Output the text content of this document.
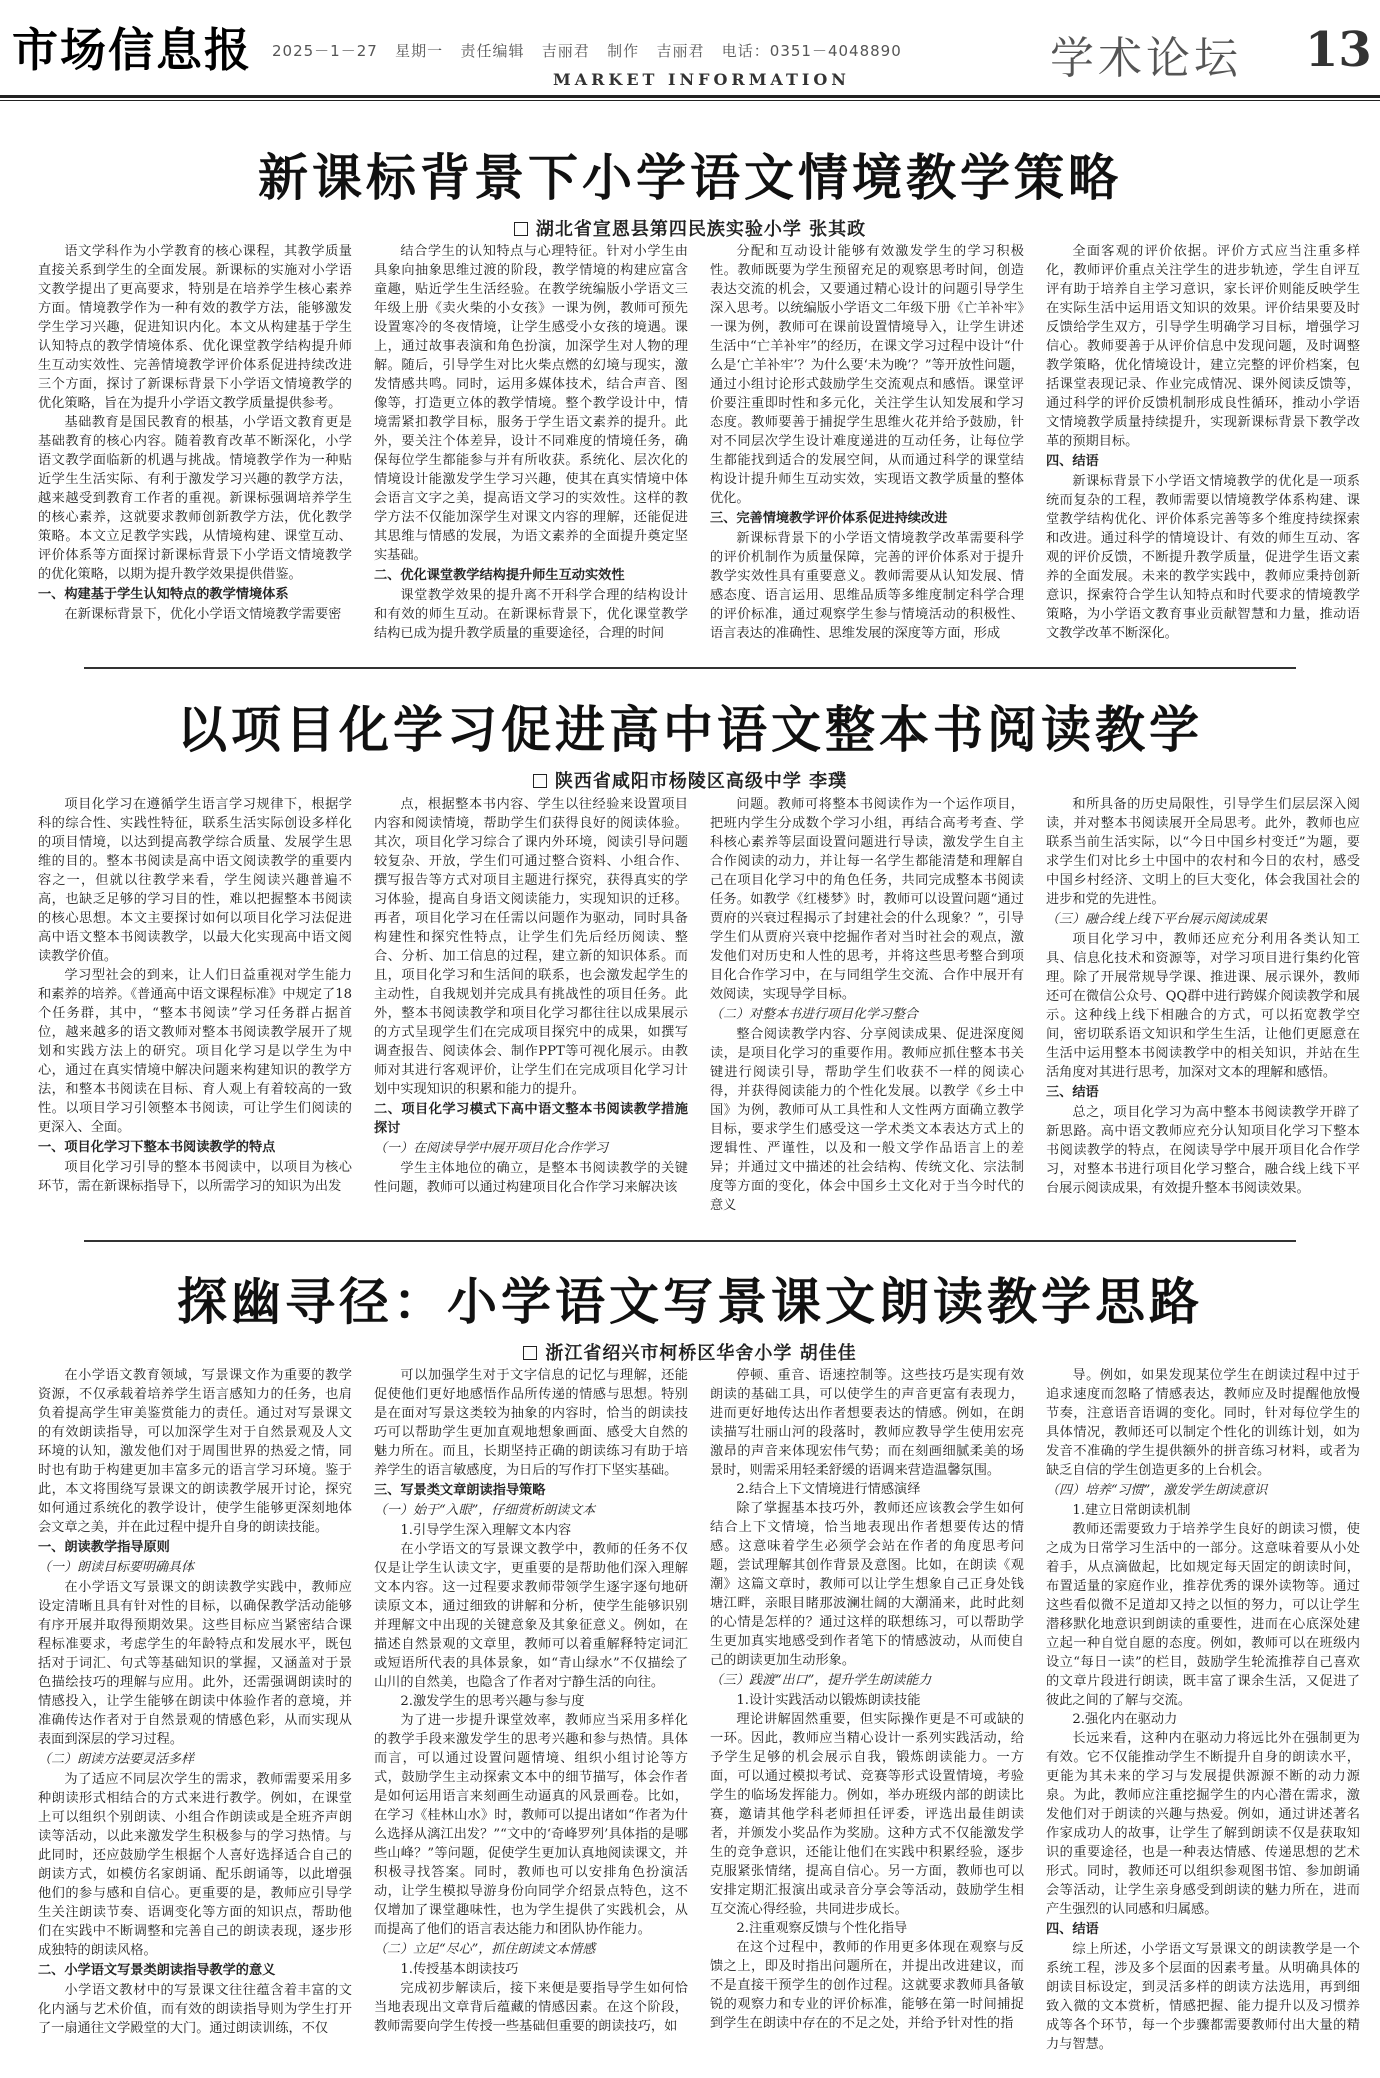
市场信息报 2025－1－27 星期一 责任编辑 吉丽君 制作 吉丽君 电话：0351－4048890
MARKET INFORMATION	学术论坛 13
新课标背景下小学语文情境教学策略
湖北省宣恩县第四民族实验小学 张其政

语文学科作为小学教育的核心课程，其教学质量直接关系到学生的全面发展。新课标的实施对小学语文教学提出了更高要求，特别是在培养学生核心素养方面。情境教学作为一种有效的教学方法，能够激发学生学习兴趣，促进知识内化。本文从构建基于学生认知特点的教学情境体系、优化课堂教学结构提升师生互动实效性、完善情境教学评价体系促进持续改进三个方面，探讨了新课标背景下小学语文情境教学的优化策略，旨在为提升小学语文教学质量提供参考。

基础教育是国民教育的根基，小学语文教育更是基础教育的核心内容。随着教育改革不断深化，小学语文教学面临新的机遇与挑战。情境教学作为一种贴近学生生活实际、有利于激发学习兴趣的教学方法，越来越受到教育工作者的重视。新课标强调培养学生的核心素养，这就要求教师创新教学方法，优化教学策略。本文立足教学实践，从情境构建、课堂互动、评价体系等方面探讨新课标背景下小学语文情境教学的优化策略，以期为提升教学效果提供借鉴。

一、构建基于学生认知特点的教学情境体系

在新课标背景下，优化小学语文情境教学需要密

结合学生的认知特点与心理特征。针对小学生由具象向抽象思维过渡的阶段，教学情境的构建应富含童趣，贴近学生生活经验。在教学统编版小学语文三年级上册《卖火柴的小女孩》一课为例，教师可预先设置寒冷的冬夜情境，让学生感受小女孩的境遇。课上，通过故事表演和角色扮演，加深学生对人物的理解。随后，引导学生对比火柴点燃的幻境与现实，激发情感共鸣。同时，运用多媒体技术，结合声音、图像等，打造更立体的教学情境。整个教学设计中，情境需紧扣教学目标，服务于学生语文素养的提升。此外，要关注个体差异，设计不同难度的情境任务，确保每位学生都能参与并有所收获。系统化、层次化的情境设计能激发学生学习兴趣，使其在真实情境中体会语言文字之美，提高语文学习的实效性。这样的教学方法不仅能加深学生对课文内容的理解，还能促进其思维与情感的发展，为语文素养的全面提升奠定坚实基础。

二、优化课堂教学结构提升师生互动实效性

课堂教学效果的提升离不开科学合理的结构设计和有效的师生互动。在新课标背景下，优化课堂教学结构已成为提升教学质量的重要途径，合理的时间

分配和互动设计能够有效激发学生的学习积极性。教师既要为学生预留充足的观察思考时间，创造表达交流的机会，又要通过精心设计的问题引导学生深入思考。以统编版小学语文二年级下册《亡羊补牢》一课为例，教师可在课前设置情境导入，让学生讲述生活中“亡羊补牢”的经历，在课文学习过程中设计“什么是‘亡羊补牢’？为什么要‘未为晚’？”等开放性问题，通过小组讨论形式鼓励学生交流观点和感悟。课堂评价要注重即时性和多元化，关注学生认知发展和学习态度。教师要善于捕捉学生思维火花并给予鼓励，针对不同层次学生设计难度递进的互动任务，让每位学生都能找到适合的发展空间，从而通过科学的课堂结构设计提升师生互动实效，实现语文教学质量的整体优化。

三、完善情境教学评价体系促进持续改进

新课标背景下的小学语文情境教学改革需要科学的评价机制作为质量保障，完善的评价体系对于提升教学实效性具有重要意义。教师需要从认知发展、情感态度、语言运用、思维品质等多维度制定科学合理的评价标准，通过观察学生参与情境活动的积极性、语言表达的准确性、思维发展的深度等方面，形成

全面客观的评价依据。评价方式应当注重多样化，教师评价重点关注学生的进步轨迹，学生自评互评有助于培养自主学习意识，家长评价则能反映学生在实际生活中运用语文知识的效果。评价结果要及时反馈给学生双方，引导学生明确学习目标，增强学习信心。教师要善于从评价信息中发现问题，及时调整教学策略，优化情境设计，建立完整的评价档案，包括课堂表现记录、作业完成情况、课外阅读反馈等，通过科学的评价反馈机制形成良性循环，推动小学语文情境教学质量持续提升，实现新课标背景下教学改革的预期目标。

四、结语

新课标背景下小学语文情境教学的优化是一项系统而复杂的工程，教师需要以情境教学体系构建、课堂教学结构优化、评价体系完善等多个维度持续探索和改进。通过科学的情境设计、有效的师生互动、客观的评价反馈，不断提升教学质量，促进学生语文素养的全面发展。未来的教学实践中，教师应秉持创新意识，探索符合学生认知特点和时代要求的情境教学策略，为小学语文教育事业贡献智慧和力量，推动语文教学改革不断深化。

以项目化学习促进高中语文整本书阅读教学
陕西省咸阳市杨陵区高级中学 李璞

项目化学习在遵循学生语言学习规律下，根据学科的综合性、实践性特征，联系生活实际创设多样化的项目情境，以达到提高教学综合质量、发展学生思维的目的。整本书阅读是高中语文阅读教学的重要内容之一，但就以往教学来看，学生阅读兴趣普遍不高，也缺乏足够的学习目的性，难以把握整本书阅读的核心思想。本文主要探讨如何以项目化学习法促进高中语文整本书阅读教学，以最大化实现高中语文阅读教学价值。

学习型社会的到来，让人们日益重视对学生能力和素养的培养。《普通高中语文课程标准》中规定了18个任务群，其中，“整本书阅读”学习任务群占据首位，越来越多的语文教师对整本书阅读教学展开了规划和实践方法上的研究。项目化学习是以学生为中心，通过在真实情境中解决问题来构建知识的教学方法，和整本书阅读在目标、育人观上有着较高的一致性。以项目学习引领整本书阅读，可让学生们阅读的更深入、全面。

一、项目化学习下整本书阅读教学的特点

项目化学习引导的整本书阅读中，以项目为核心环节，需在新课标指导下，以所需学习的知识为出发

点，根据整本书内容、学生以往经验来设置项目内容和阅读情境，帮助学生们获得良好的阅读体验。其次，项目化学习综合了课内外环境，阅读引导问题较复杂、开放，学生们可通过整合资料、小组合作、撰写报告等方式对项目主题进行探究，获得真实的学习体验，提高自身语文阅读能力，实现知识的迁移。再者，项目化学习在任需以问题作为驱动，同时具备构建性和探究性特点，让学生们先后经历阅读、整合、分析、加工信息的过程，建立新的知识体系。而且，项目化学习和生活间的联系，也会激发起学生的主动性，自我规划并完成具有挑战性的项目任务。此外，整本书阅读教学和项目化学习都往往以成果展示的方式呈现学生们在完成项目探究中的成果，如撰写调查报告、阅读体会、制作PPT等可视化展示。由教师对其进行客观评价，让学生们在完成项目化学习计划中实现知识的积累和能力的提升。

二、项目化学习模式下高中语文整本书阅读教学措施探讨
（一）在阅读导学中展开项目化合作学习

学生主体地位的确立，是整本书阅读教学的关键性问题，教师可以通过构建项目化合作学习来解决该

问题。教师可将整本书阅读作为一个运作项目，把班内学生分成数个学习小组，再结合高考考查、学科核心素养等层面设置问题进行导读，激发学生自主合作阅读的动力，并让每一名学生都能清楚和理解自己在项目化学习中的角色任务，共同完成整本书阅读任务。如教学《红楼梦》时，教师可以设置问题“通过贾府的兴衰过程揭示了封建社会的什么现象？”，引导学生们从贾府兴衰中挖掘作者对当时社会的观点，激发他们对历史和人性的思考，并将这些思考整合到项目化合作学习中，在与同组学生交流、合作中展开有效阅读，实现导学目标。

（二）对整本书进行项目化学习整合

整合阅读教学内容、分享阅读成果、促进深度阅读，是项目化学习的重要作用。教师应抓住整本书关键进行阅读引导，帮助学生们收获不一样的阅读心得，并获得阅读能力的个性化发展。以教学《乡土中国》为例，教师可从工具性和人文性两方面确立教学目标，要求学生们感受这一学术类文本表达方式上的逻辑性、严谨性，以及和一般文学作品语言上的差异；并通过文中描述的社会结构、传统文化、宗法制度等方面的变化，体会中国乡土文化对于当今时代的意义

和所具备的历史局限性，引导学生们层层深入阅读，并对整本书阅读展开全局思考。此外，教师也应联系当前生活实际，以“今日中国乡村变迁”为题，要求学生们对比乡土中国中的农村和今日的农村，感受中国乡村经济、文明上的巨大变化，体会我国社会的进步和党的先进性。

（三）融合线上线下平台展示阅读成果

项目化学习中，教师还应充分利用各类认知工具、信息化技术和资源等，对学习项目进行集约化管理。除了开展常规导学课、推进课、展示课外，教师还可在微信公众号、QQ群中进行跨媒介阅读教学和展示。这种线上线下相融合的方式，可以拓宽教学空间，密切联系语文知识和学生生活，让他们更愿意在生活中运用整本书阅读教学中的相关知识，并站在生活角度对其进行思考，加深对文本的理解和感悟。

三、结语

总之，项目化学习为高中整本书阅读教学开辟了新思路。高中语文教师应充分认知项目化学习下整本书阅读教学的特点，在阅读导学中展开项目化合作学习，对整本书进行项目化学习整合，融合线上线下平台展示阅读成果，有效提升整本书阅读效果。

探幽寻径：小学语文写景课文朗读教学思路
浙江省绍兴市柯桥区华舍小学 胡佳佳

在小学语文教育领域，写景课文作为重要的教学资源，不仅承载着培养学生语言感知力的任务，也肩负着提高学生审美鉴赏能力的责任。通过对写景课文的有效朗读指导，可以加深学生对于自然景观及人文环境的认知，激发他们对于周围世界的热爱之情，同时也有助于构建更加丰富多元的语言学习环境。鉴于此，本文将围绕写景课文的朗读教学展开讨论，探究如何通过系统化的教学设计，使学生能够更深刻地体会文章之美，并在此过程中提升自身的朗读技能。

一、朗读教学指导原则
（一）朗读目标要明确具体

在小学语文写景课文的朗读教学实践中，教师应设定清晰且具有针对性的目标，以确保教学活动能够有序开展并取得预期效果。这些目标应当紧密结合课程标准要求，考虑学生的年龄特点和发展水平，既包括对于词汇、句式等基础知识的掌握，又涵盖对于景色描绘技巧的理解与应用。此外，还需强调朗读时的情感投入，让学生能够在朗读中体验作者的意境，并准确传达作者对于自然景观的情感色彩，从而实现从表面到深层的学习过程。

（二）朗读方法要灵活多样

为了适应不同层次学生的需求，教师需要采用多种朗读形式相结合的方式来进行教学。例如，在课堂上可以组织个别朗读、小组合作朗读或是全班齐声朗读等活动，以此来激发学生积极参与的学习热情。与此同时，还应鼓励学生根据个人喜好选择适合自己的朗读方式，如模仿名家朗诵、配乐朗诵等，以此增强他们的参与感和自信心。更重要的是，教师应引导学生关注朗读节奏、语调变化等方面的知识点，帮助他们在实践中不断调整和完善自己的朗读表现，逐步形成独特的朗读风格。

二、小学语文写景类朗读指导教学的意义

小学语文教材中的写景课文往往蕴含着丰富的文化内涵与艺术价值，而有效的朗读指导则为学生打开了一扇通往文学殿堂的大门。通过朗读训练，不仅

可以加强学生对于文字信息的记忆与理解，还能促使他们更好地感悟作品所传递的情感与思想。特别是在面对写景这类较为抽象的内容时，恰当的朗读技巧可以帮助学生更加直观地想象画面、感受大自然的魅力所在。而且，长期坚持正确的朗读练习有助于培养学生的语言敏感度，为日后的写作打下坚实基础。

三、写景类文章朗读指导策略
（一）始于“入眼”，仔细赏析朗读文本

1.引导学生深入理解文本内容

在小学语文的写景课文教学中，教师的任务不仅仅是让学生认读文字，更重要的是帮助他们深入理解文本内容。这一过程要求教师带领学生逐字逐句地研读原文本，通过细致的讲解和分析，使学生能够识别并理解文中出现的关键意象及其象征意义。例如，在描述自然景观的文章里，教师可以着重解释特定词汇或短语所代表的具体景象，如“青山绿水”不仅描绘了山川的自然美，也隐含了作者对宁静生活的向往。

2.激发学生的思考兴趣与参与度

为了进一步提升课堂效率，教师应当采用多样化的教学手段来激发学生的思考兴趣和参与热情。具体而言，可以通过设置问题情境、组织小组讨论等方式，鼓励学生主动探索文本中的细节描写，体会作者是如何运用语言来刻画生动逼真的风景画卷。比如，在学习《桂林山水》时，教师可以提出诸如“作者为什么选择从漓江出发？”“文中的‘奇峰罗列’具体指的是哪些山峰？”等问题，促使学生更加认真地阅读课文，并积极寻找答案。同时，教师也可以安排角色扮演活动，让学生模拟导游身份向同学介绍景点特色，这不仅增加了课堂趣味性，也为学生提供了实践机会，从而提高了他们的语言表达能力和团队协作能力。

（二）立足“尽心”，抓住朗读文本情感

1.传授基本朗读技巧

完成初步解读后，接下来便是要指导学生如何恰当地表现出文章背后蕴藏的情感因素。在这个阶段，教师需要向学生传授一些基础但重要的朗读技巧，如

停顿、重音、语速控制等。这些技巧是实现有效朗读的基础工具，可以使学生的声音更富有表现力，进而更好地传达出作者想要表达的情感。例如，在朗读描写壮丽山河的段落时，教师应教导学生使用宏亮激昂的声音来体现宏伟气势；而在刻画细腻柔美的场景时，则需采用轻柔舒缓的语调来营造温馨氛围。

2.结合上下文情境进行情感演绎

除了掌握基本技巧外，教师还应该教会学生如何结合上下文情境，恰当地表现出作者想要传达的情感。这意味着学生必须学会站在作者的角度思考问题，尝试理解其创作背景及意图。比如，在朗读《观潮》这篇文章时，教师可以让学生想象自己正身处钱塘江畔，亲眼目睹那波澜壮阔的大潮涌来，此时此刻的心情是怎样的？通过这样的联想练习，可以帮助学生更加真实地感受到作者笔下的情感波动，从而使自己的朗读更加生动形象。

（三）践渡“出口”，提升学生朗读能力

1.设计实践活动以锻炼朗读技能

理论讲解固然重要，但实际操作更是不可或缺的一环。因此，教师应当精心设计一系列实践活动，给予学生足够的机会展示自我，锻炼朗读能力。一方面，可以通过模拟考试、竞赛等形式设置情境，考验学生的临场发挥能力。例如，举办班级内部的朗读比赛，邀请其他学科老师担任评委，评选出最佳朗读者，并颁发小奖品作为奖励。这种方式不仅能激发学生的竞争意识，还能让他们在实践中积累经验，逐步克服紧张情绪，提高自信心。另一方面，教师也可以安排定期汇报演出或录音分享会等活动，鼓励学生相互交流心得经验，共同进步成长。

2.注重观察反馈与个性化指导

在这个过程中，教师的作用更多体现在观察与反馈之上，即及时指出问题所在，并提出改进建议，而不是直接干预学生的创作过程。这就要求教师具备敏锐的观察力和专业的评价标准，能够在第一时间捕捉到学生在朗读中存在的不足之处，并给予针对性的指

导。例如，如果发现某位学生在朗读过程中过于追求速度而忽略了情感表达，教师应及时提醒他放慢节奏，注意语音语调的变化。同时，针对每位学生的具体情况，教师还可以制定个性化的训练计划，如为发音不准确的学生提供额外的拼音练习材料，或者为缺乏自信的学生创造更多的上台机会。

（四）培养“习惯”，激发学生朗读意识

1.建立日常朗读机制

教师还需要致力于培养学生良好的朗读习惯，使之成为日常学习生活中的一部分。这意味着要从小处着手，从点滴做起，比如规定每天固定的朗读时间，布置适量的家庭作业，推荐优秀的课外读物等。通过这些看似微不足道却又持之以恒的努力，可以让学生潜移默化地意识到朗读的重要性，进而在心底深处建立起一种自觉自愿的态度。例如，教师可以在班级内设立“每日一读”的栏目，鼓励学生轮流推荐自己喜欢的文章片段进行朗读，既丰富了课余生活，又促进了彼此之间的了解与交流。

2.强化内在驱动力

长远来看，这种内在驱动力将远比外在强制更为有效。它不仅能推动学生不断提升自身的朗读水平，更能为其未来的学习与发展提供源源不断的动力源泉。为此，教师应注重挖掘学生的内心潜在需求，激发他们对于朗读的兴趣与热爱。例如，通过讲述著名作家成功人的故事，让学生了解到朗读不仅是获取知识的重要途径，也是一种表达情感、传递思想的艺术形式。同时，教师还可以组织参观图书馆、参加朗诵会等活动，让学生亲身感受到朗读的魅力所在，进而产生强烈的认同感和归属感。

四、结语

综上所述，小学语文写景课文的朗读教学是一个系统工程，涉及多个层面的因素考量。从明确具体的朗读目标设定，到灵活多样的朗读方法选用，再到细致入微的文本赏析，情感把握、能力提升以及习惯养成等各个环节，每一个步骤都需要教师付出大量的精力与智慧。
